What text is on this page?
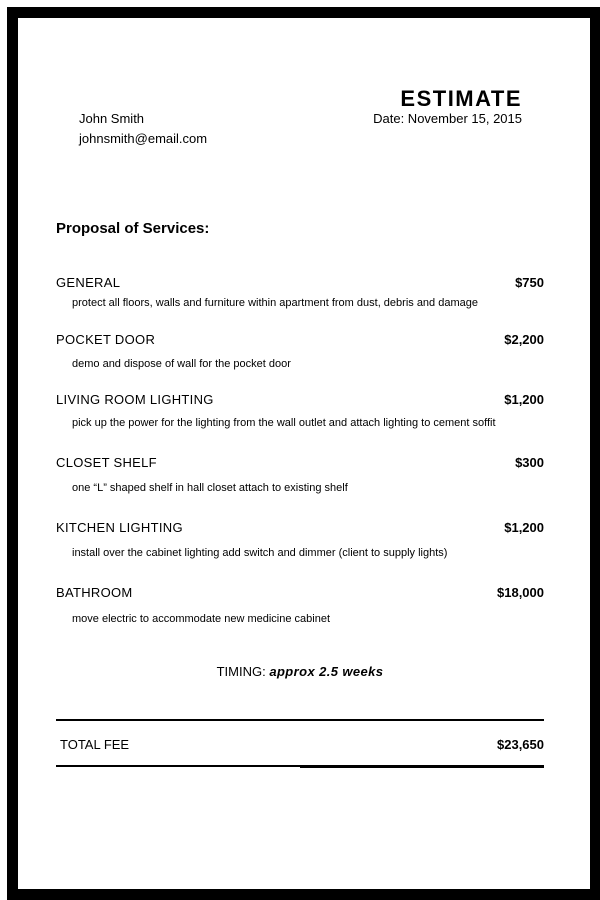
ESTIMATE
Date: November 15, 2015
John Smith
johnsmith@email.com
Proposal of Services:
GENERAL	$750
protect all floors, walls and furniture within apartment from dust, debris and damage
POCKET DOOR	$2,200
demo and dispose of wall for the pocket door
LIVING ROOM LIGHTING	$1,200
pick up the power for the lighting from the wall outlet and attach lighting to cement soffit
CLOSET SHELF	$300
one “L” shaped shelf in hall closet attach to existing shelf
KITCHEN LIGHTING	$1,200
install over the cabinet lighting add switch and dimmer (client to supply lights)
BATHROOM	$18,000
move electric to accommodate new medicine cabinet
TIMING: approx 2.5 weeks
TOTAL FEE	$23,650
